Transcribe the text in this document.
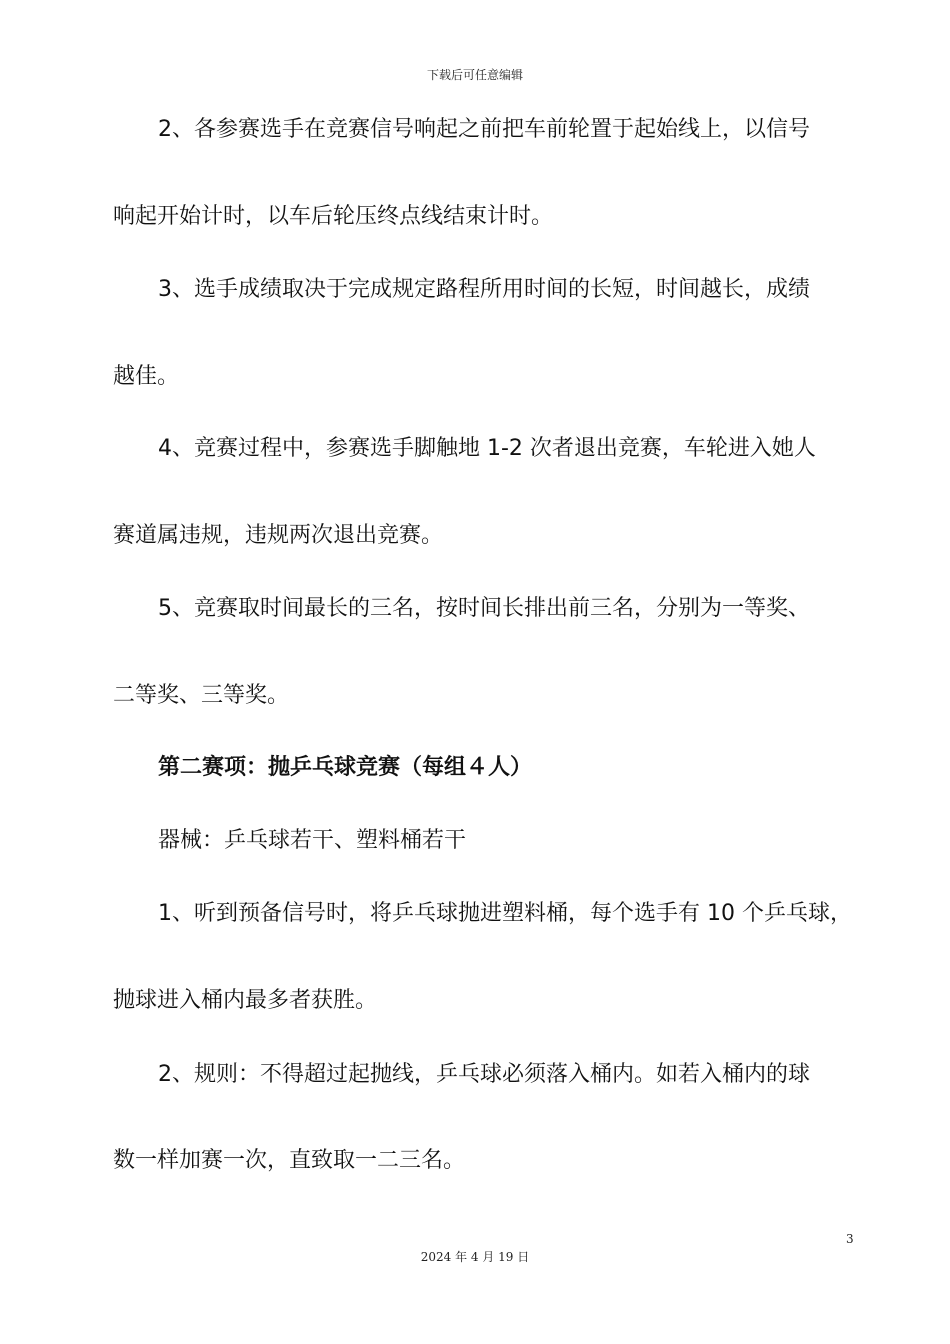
下载后可任意编辑
2、各参赛选手在竞赛信号响起之前把车前轮置于起始线上，以信号
响起开始计时，以车后轮压终点线结束计时。
3、选手成绩取决于完成规定路程所用时间的长短，时间越长，成绩
越佳。
4、竞赛过程中，参赛选手脚触地 1-2 次者退出竞赛，车轮进入她人
赛道属违规，违规两次退出竞赛。
5、竞赛取时间最长的三名，按时间长排出前三名，分别为一等奖、
二等奖、三等奖。
第二赛项：抛乒乓球竞赛（每组４人）
器械：乒乓球若干、塑料桶若干
1、听到预备信号时，将乒乓球抛进塑料桶，每个选手有 10 个乒乓球，
抛球进入桶内最多者获胜。
2、规则：不得超过起抛线，乒乓球必须落入桶内。如若入桶内的球
数一样加赛一次，直致取一二三名。
3
2024 年 4 月 19 日
